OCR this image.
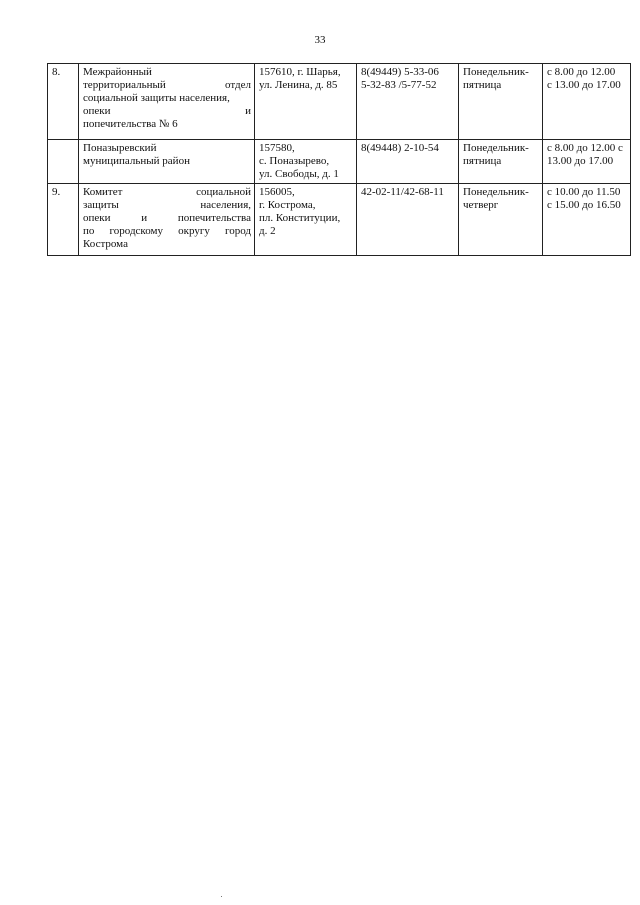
33
8.	Межрайонный
территориальный отдел
социальной защиты населения,
опеки и
попечительства № 6	157610, г. Шарья,
ул. Ленина, д. 85	8(49449) 5-33-06
5-32-83 /5-77-52	Понедельник-
пятница	с 8.00 до 12.00
с 13.00 до 17.00

	Поназыревский
муниципальный район	157580,
с. Поназырево,
ул. Свободы, д. 1	8(49448) 2-10-54	Понедельник-
пятница	с 8.00 до 12.00 с
13.00 до 17.00

9.	Комитет социальной
защиты населения,
опеки и попечительства
по городскому округу город
Кострома	156005,
г. Кострома,
пл. Конституции,
д. 2	42-02-11/42-68-11	Понедельник-
четверг	с 10.00 до 11.50
с 15.00 до 16.50
